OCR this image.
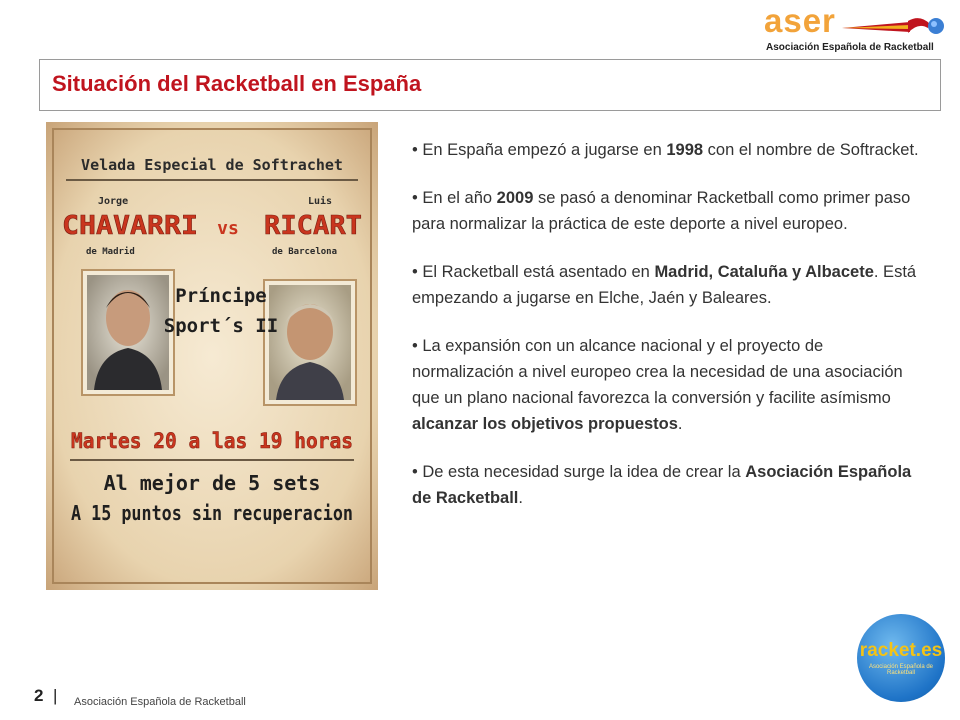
aser
Asociación Española de Racketball
Situación del Racketball en España
Velada Especial de Softrachet
Jorge	Luis
CHAVARRI vs RICART
de Madrid	de Barcelona
Príncipe
Sport´s II
Martes 20 a las 19 horas
Al mejor de 5 sets
A 15 puntos sin recuperacion

• En España empezó a jugarse en 1998 con el nombre de Softracket.

• En el año 2009 se pasó a denominar Racketball como primer paso para normalizar la práctica de este deporte a nivel europeo.

• El Racketball está asentado en Madrid, Cataluña y Albacete. Está empezando a jugarse en Elche, Jaén y Baleares.

• La expansión con un alcance nacional y el proyecto de normalización a nivel europeo crea la necesidad de una asociación que un plano nacional favorezca la conversión y facilite asímismo alcanzar los objetivos propuestos.

• De esta necesidad surge la idea de crear la Asociación Española de Racketball.

racket.es
Asociación Española de Racketball
2 | Asociación Española de Racketball
